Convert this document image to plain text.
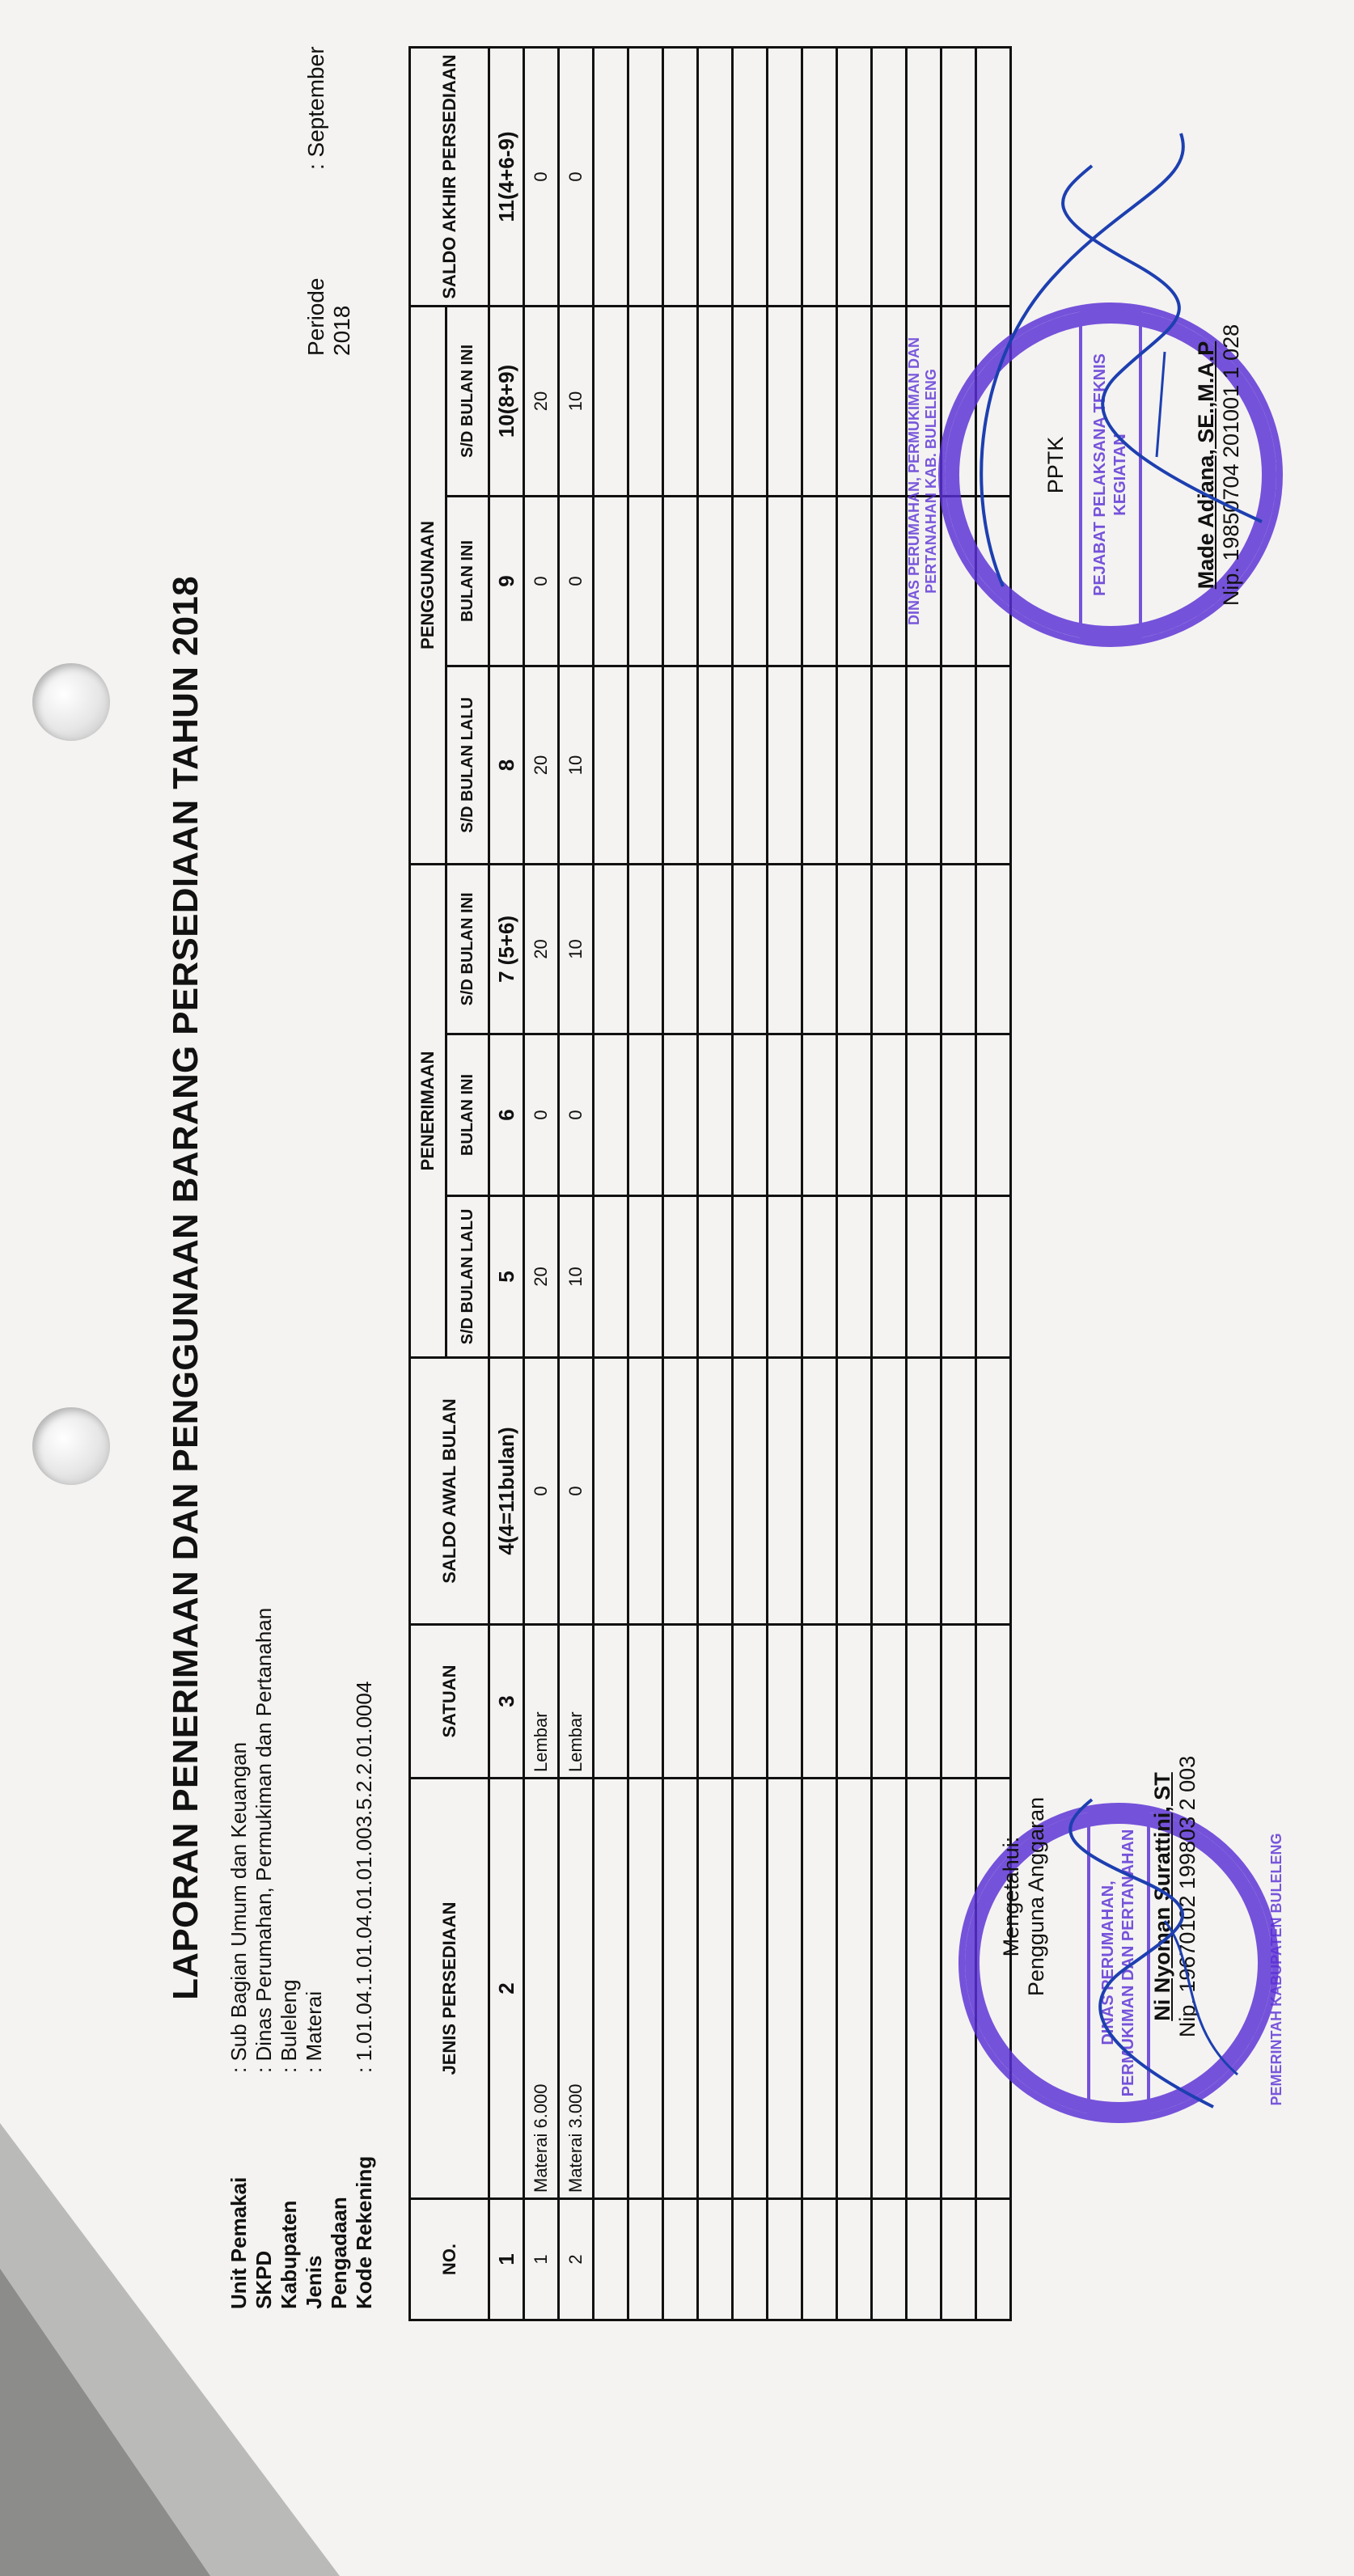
LAPORAN PENERIMAAN DAN PENGGUNAAN BARANG PERSEDIAAN TAHUN 2018
Unit Pemakai
: Sub Bagian Umum dan Keuangan
SKPD
: Dinas Perumahan, Permukiman dan Pertanahan
Kabupaten
: Buleleng
Jenis Pengadaan
: Materai
Kode Rekening
: 1.01.04.1.01.04.01.01.003.5.2.2.01.0004
Periode: September 2018
NO.	JENIS PERSEDIAAN	SATUAN	SALDO AWAL BULAN	PENERIMAAN			PENGGUNAAN			SALDO AKHIR PERSEDIAAN
				S/D BULAN LALU	BULAN INI	S/D BULAN INI	S/D BULAN LALU	BULAN INI	S/D BULAN INI	
1	2	3	4(4=11bulan)	5	6	7 (5+6)	8	9	10(8+9)	11(4+6-9)
1	Materai 6.000	Lembar	0	20	0	20	20	0	20	0
2	Materai 3.000	Lembar	0	10	0	10	10	0	10	0

DINAS PERUMAHAN, PERMUKIMAN DAN PERTANAHAN	PEMERINTAH KABUPATEN BULELENG
Mengetahui: Pengguna Anggaran	Ni Nyoman Surattini, ST Nip. 19670102 199803 2 003
PEJABAT PELAKSANA TEKNIS KEGIATAN
DINAS PERUMAHAN, PERMUKIMAN DAN PERTANAHAN KAB. BULELENG	PPTK	Made Adiana, SE.,M.A.P Nip. 19850704 201001 1 028
